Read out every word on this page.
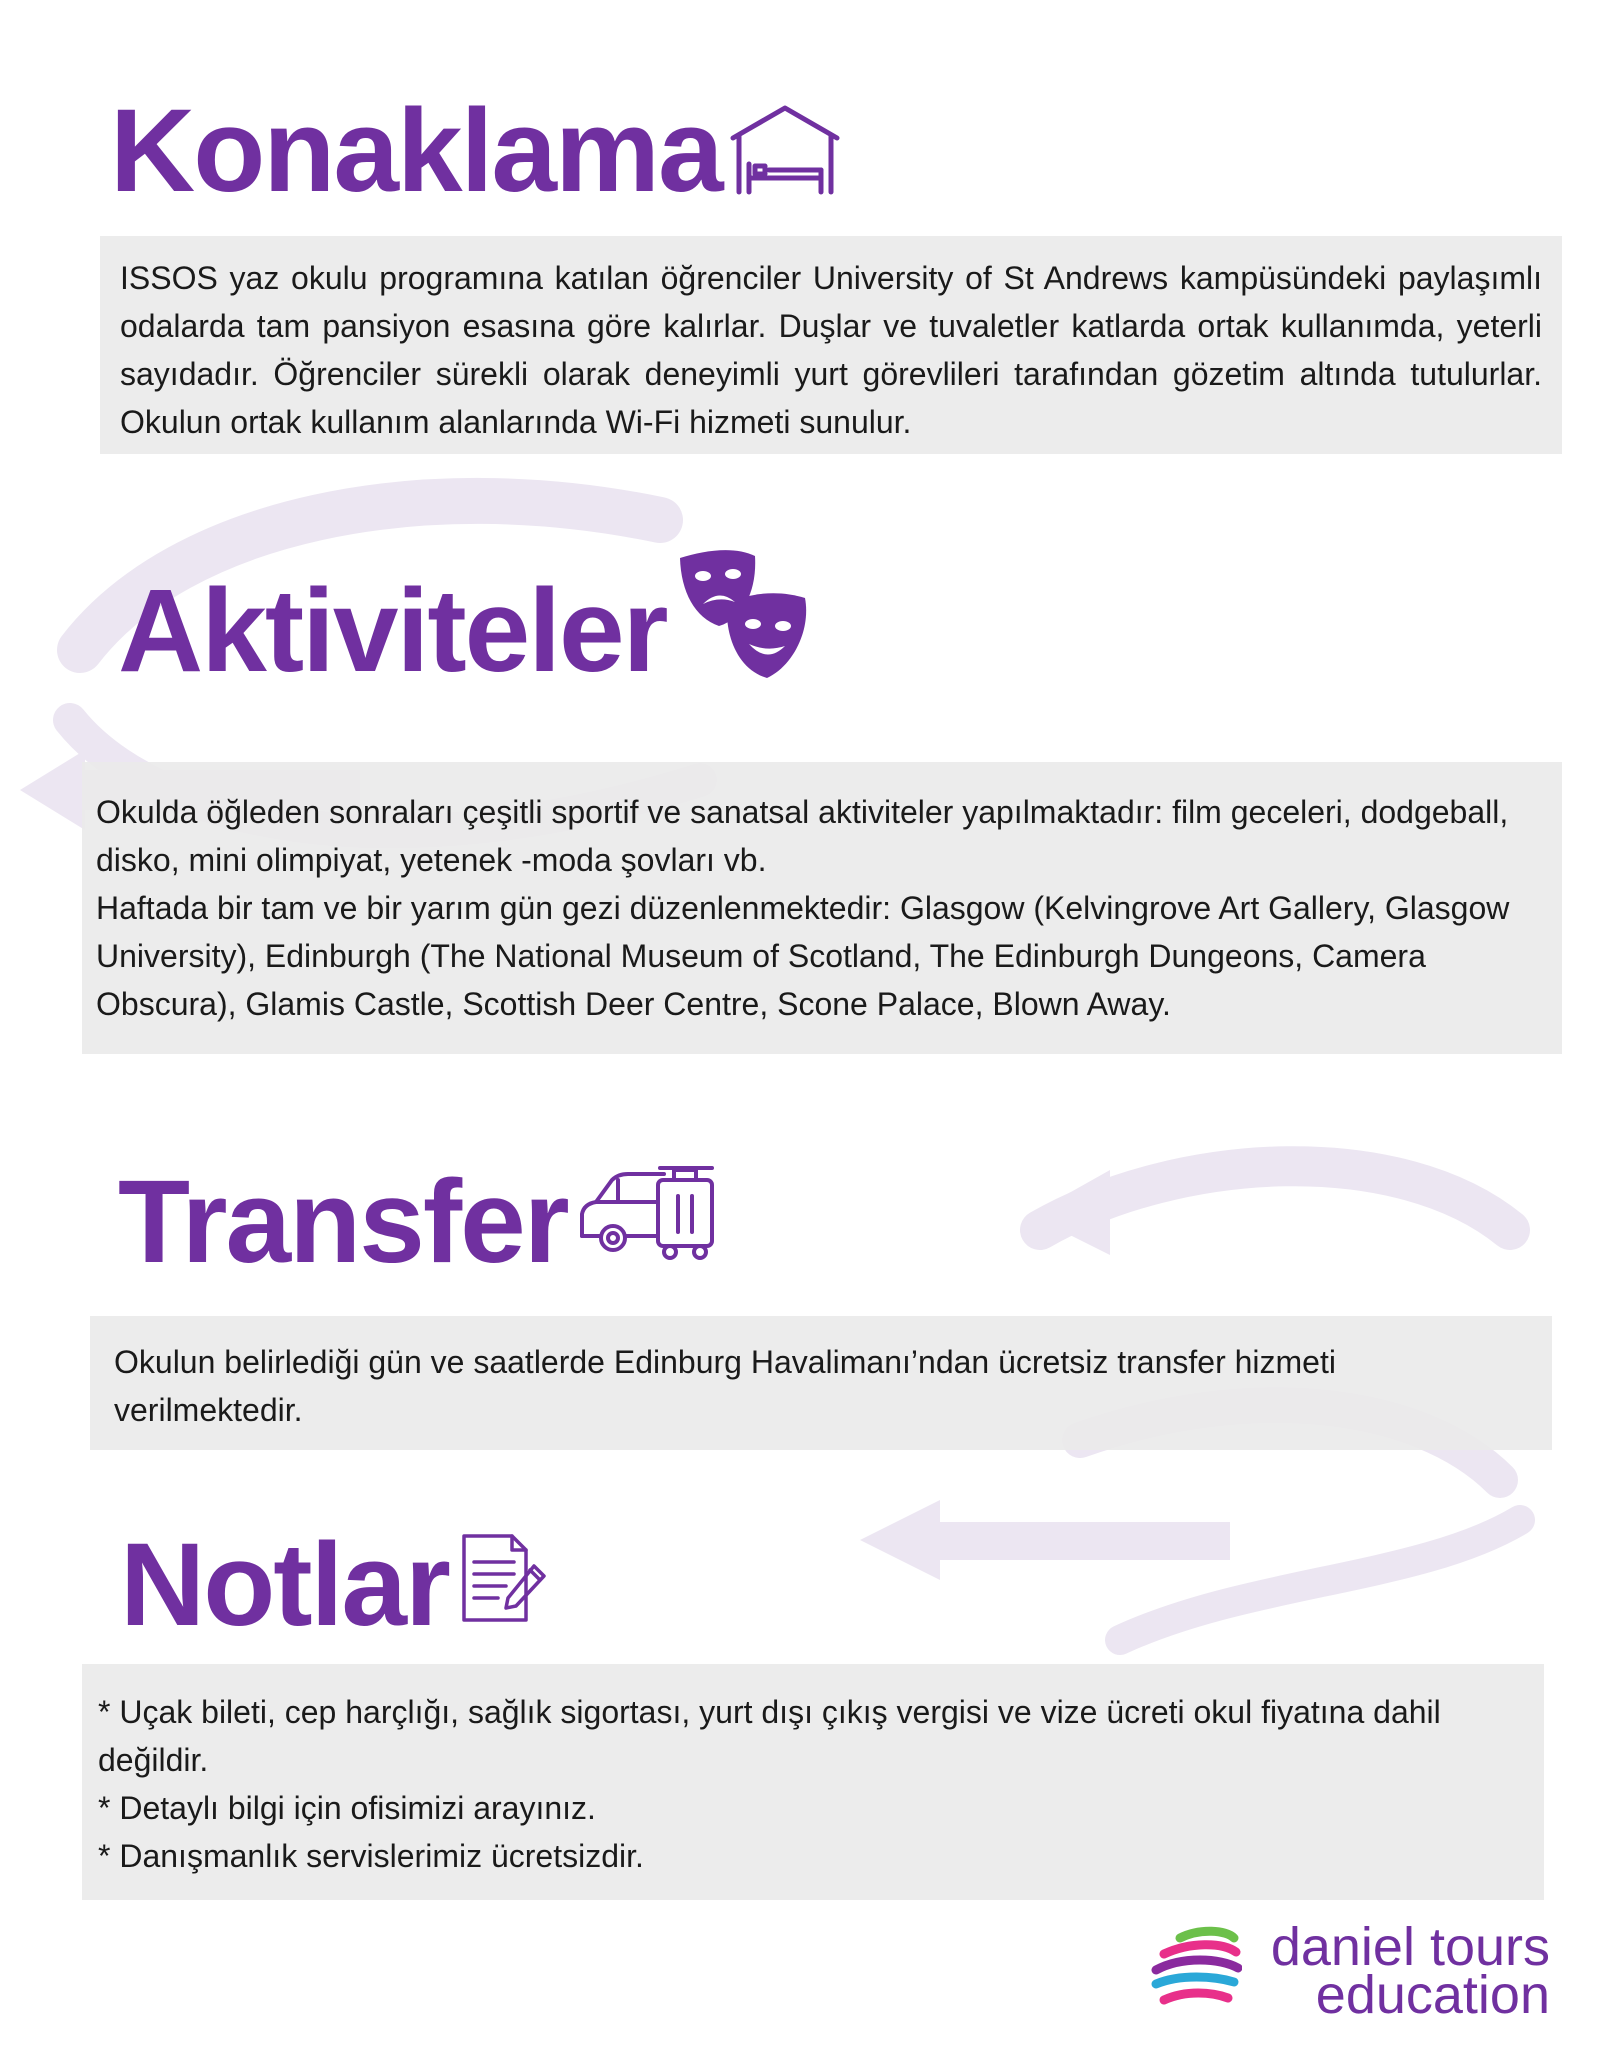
Konaklama

ISSOS yaz okulu programına katılan öğrenciler University of St Andrews kampüsündeki paylaşımlı odalarda tam pansiyon esasına göre kalırlar. Duşlar ve tuvaletler katlarda ortak kullanımda, yeterli sayıdadır. Öğrenciler sürekli olarak deneyimli yurt görevlileri tarafından gözetim altında tutulurlar. Okulun ortak kullanım alanlarında Wi-Fi hizmeti sunulur.

Aktiviteler

Okulda öğleden sonraları çeşitli sportif ve sanatsal aktiviteler yapılmaktadır: film geceleri, dodgeball, disko, mini olimpiyat, yetenek -moda şovları vb.

Haftada bir tam ve bir yarım gün gezi düzenlenmektedir: Glasgow (Kelvingrove Art Gallery, Glasgow University), Edinburgh (The National Museum of Scotland, The Edinburgh Dungeons, Camera Obscura), Glamis Castle, Scottish Deer Centre, Scone Palace, Blown Away.

Transfer

Okulun belirlediği gün ve saatlerde Edinburg Havalimanı’ndan ücretsiz transfer hizmeti verilmektedir.

Notlar

* Uçak bileti, cep harçlığı, sağlık sigortası, yurt dışı çıkış vergisi ve vize ücreti okul fiyatına dahil değildir.

* Detaylı bilgi için ofisimizi arayınız.

* Danışmanlık servislerimiz ücretsizdir.

daniel tours
education
